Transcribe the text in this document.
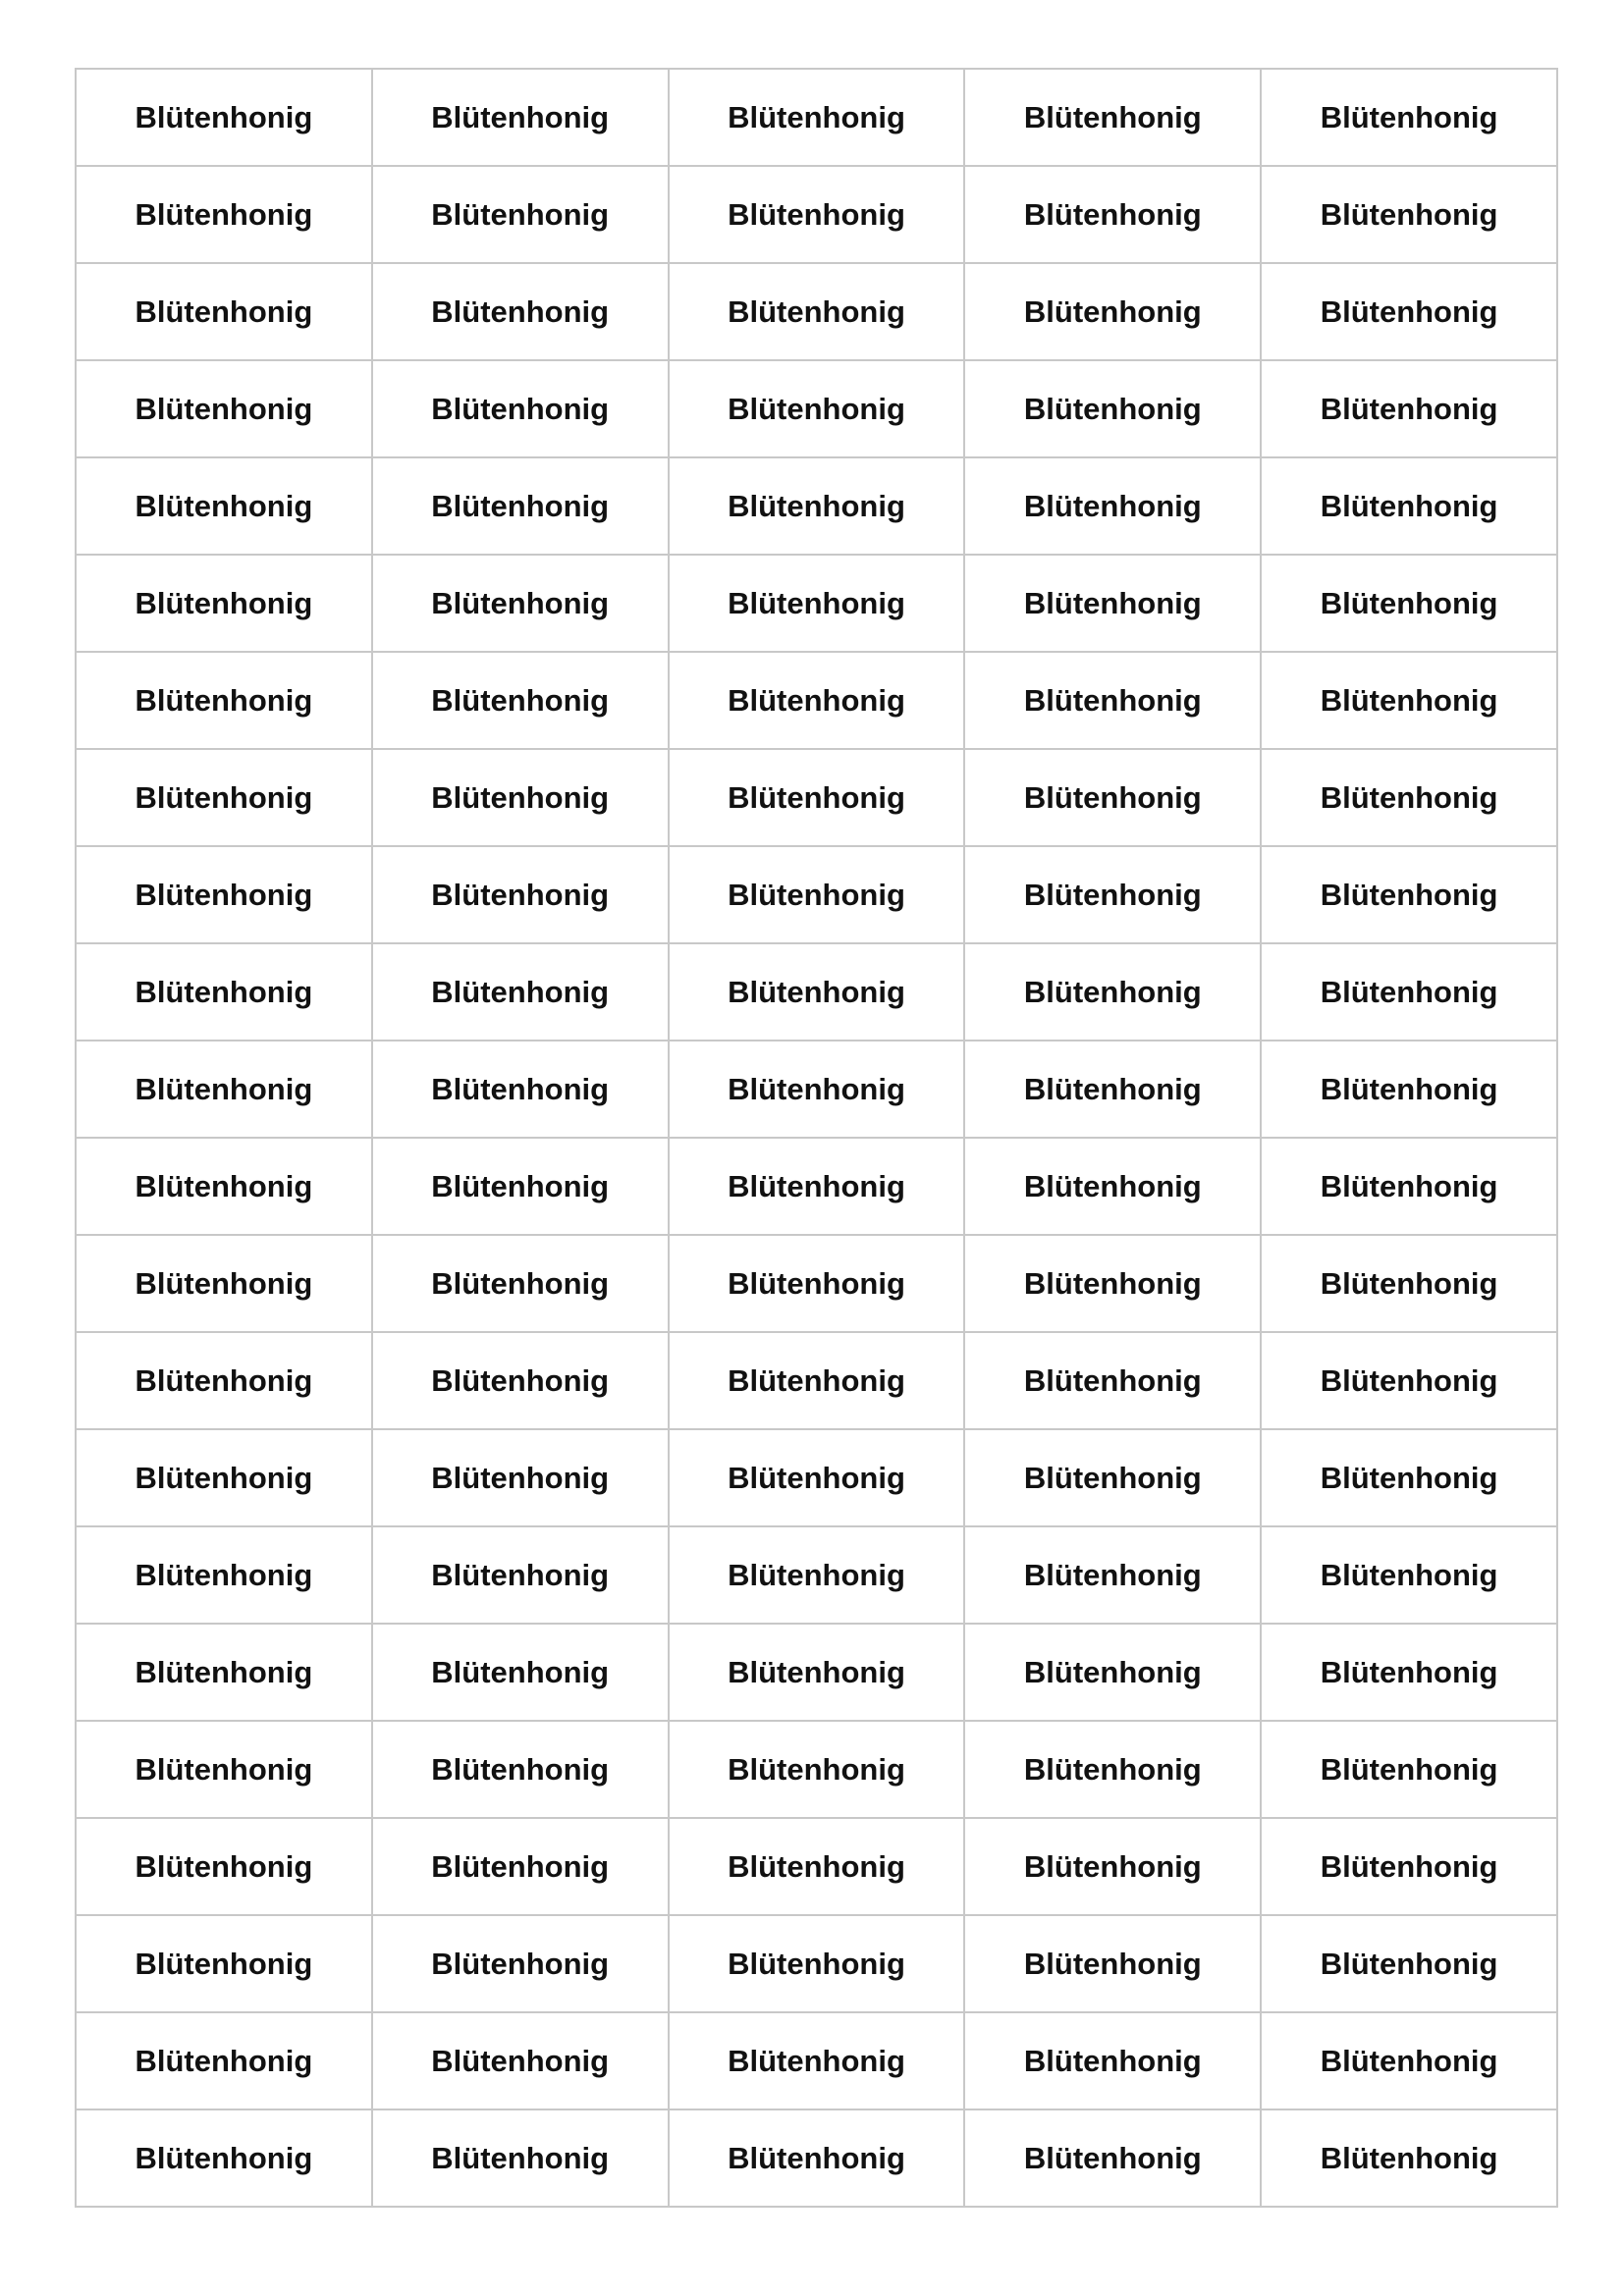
Blütenhonig	Blütenhonig	Blütenhonig	Blütenhonig	Blütenhonig
Blütenhonig	Blütenhonig	Blütenhonig	Blütenhonig	Blütenhonig
Blütenhonig	Blütenhonig	Blütenhonig	Blütenhonig	Blütenhonig
Blütenhonig	Blütenhonig	Blütenhonig	Blütenhonig	Blütenhonig
Blütenhonig	Blütenhonig	Blütenhonig	Blütenhonig	Blütenhonig
Blütenhonig	Blütenhonig	Blütenhonig	Blütenhonig	Blütenhonig
Blütenhonig	Blütenhonig	Blütenhonig	Blütenhonig	Blütenhonig
Blütenhonig	Blütenhonig	Blütenhonig	Blütenhonig	Blütenhonig
Blütenhonig	Blütenhonig	Blütenhonig	Blütenhonig	Blütenhonig
Blütenhonig	Blütenhonig	Blütenhonig	Blütenhonig	Blütenhonig
Blütenhonig	Blütenhonig	Blütenhonig	Blütenhonig	Blütenhonig
Blütenhonig	Blütenhonig	Blütenhonig	Blütenhonig	Blütenhonig
Blütenhonig	Blütenhonig	Blütenhonig	Blütenhonig	Blütenhonig
Blütenhonig	Blütenhonig	Blütenhonig	Blütenhonig	Blütenhonig
Blütenhonig	Blütenhonig	Blütenhonig	Blütenhonig	Blütenhonig
Blütenhonig	Blütenhonig	Blütenhonig	Blütenhonig	Blütenhonig
Blütenhonig	Blütenhonig	Blütenhonig	Blütenhonig	Blütenhonig
Blütenhonig	Blütenhonig	Blütenhonig	Blütenhonig	Blütenhonig
Blütenhonig	Blütenhonig	Blütenhonig	Blütenhonig	Blütenhonig
Blütenhonig	Blütenhonig	Blütenhonig	Blütenhonig	Blütenhonig
Blütenhonig	Blütenhonig	Blütenhonig	Blütenhonig	Blütenhonig
Blütenhonig	Blütenhonig	Blütenhonig	Blütenhonig	Blütenhonig
